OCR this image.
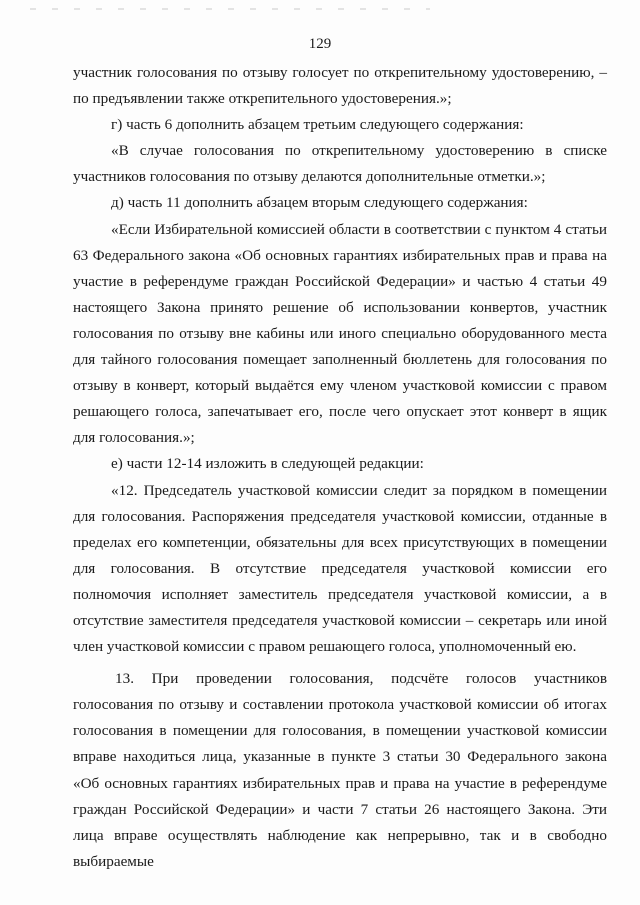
129

участник голосования по отзыву голосует по открепительному удостоверению, – по предъявлении также открепительного удостоверения.»;

г) часть 6 дополнить абзацем третьим следующего содержания:

«В случае голосования по открепительному удостоверению в списке участников голосования по отзыву делаются дополнительные отметки.»;

д) часть 11 дополнить абзацем вторым следующего содержания:

«Если Избирательной комиссией области в соответствии с пунктом 4 статьи 63 Федерального закона «Об основных гарантиях избирательных прав и права на участие в референдуме граждан Российской Федерации» и частью 4 статьи 49 настоящего Закона принято решение об использовании конвертов, участник голосования по отзыву вне кабины или иного специально оборудованного места для тайного голосования помещает заполненный бюллетень для голосования по отзыву в конверт, который выдаётся ему членом участковой комиссии с правом решающего голоса, запечатывает его, после чего опускает этот конверт в ящик для голосования.»;

е) части 12-14 изложить в следующей редакции:

«12. Председатель участковой комиссии следит за порядком в помещении для голосования. Распоряжения председателя участковой комиссии, отданные в пределах его компетенции, обязательны для всех присутствующих в помещении для голосования. В отсутствие председателя участковой комиссии его полномочия исполняет заместитель председателя участковой комиссии, а в отсутствие заместителя председателя участковой комиссии – секретарь или иной член участковой комиссии с правом решающего голоса, уполномоченный ею.

13. При проведении голосования, подсчёте голосов участников голосования по отзыву и составлении протокола участковой комиссии об итогах голосования в помещении для голосования, в помещении участковой комиссии вправе находиться лица, указанные в пункте 3 статьи 30 Федерального закона «Об основных гарантиях избирательных прав и права на участие в референдуме граждан Российской Федерации» и части 7 статьи 26 настоящего Закона. Эти лица вправе осуществлять наблюдение как непрерывно, так и в свободно выбираемые
